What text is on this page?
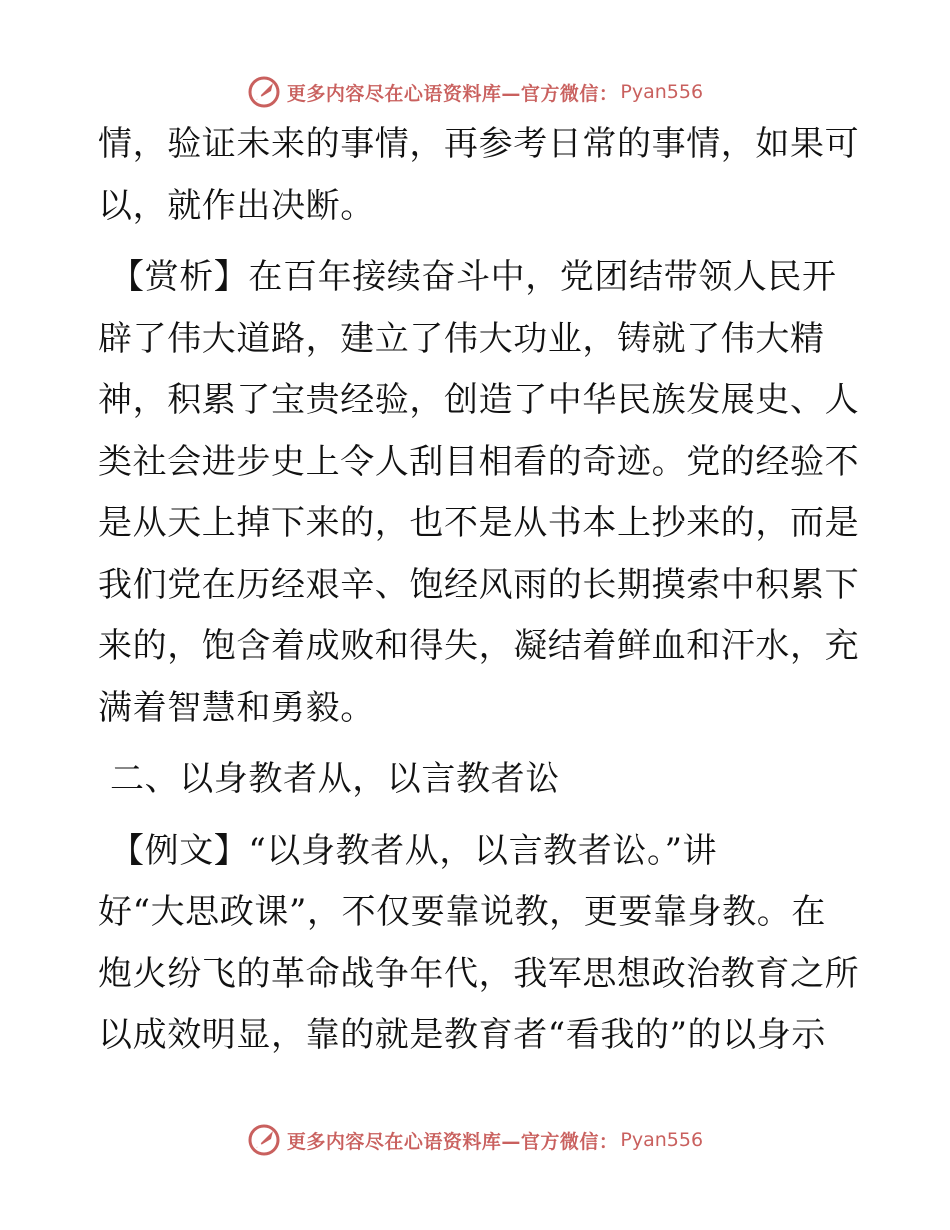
更多内容尽在心语资料库—官方微信： Pyan556
情，验证未来的事情，再参考日常的事情，如果可
以，就作出决断。
【赏析】在百年接续奋斗中，党团结带领人民开
辟了伟大道路，建立了伟大功业，铸就了伟大精
神，积累了宝贵经验，创造了中华民族发展史、人
类社会进步史上令人刮目相看的奇迹。党的经验不
是从天上掉下来的，也不是从书本上抄来的，而是
我们党在历经艰辛、饱经风雨的长期摸索中积累下
来的，饱含着成败和得失，凝结着鲜血和汗水，充
满着智慧和勇毅。
二、以身教者从，以言教者讼
【例文】“以身教者从，以言教者讼。”讲
好“大思政课”，不仅要靠说教，更要靠身教。在
炮火纷飞的革命战争年代，我军思想政治教育之所
以成效明显，靠的就是教育者“看我的”的以身示
更多内容尽在心语资料库—官方微信： Pyan556
